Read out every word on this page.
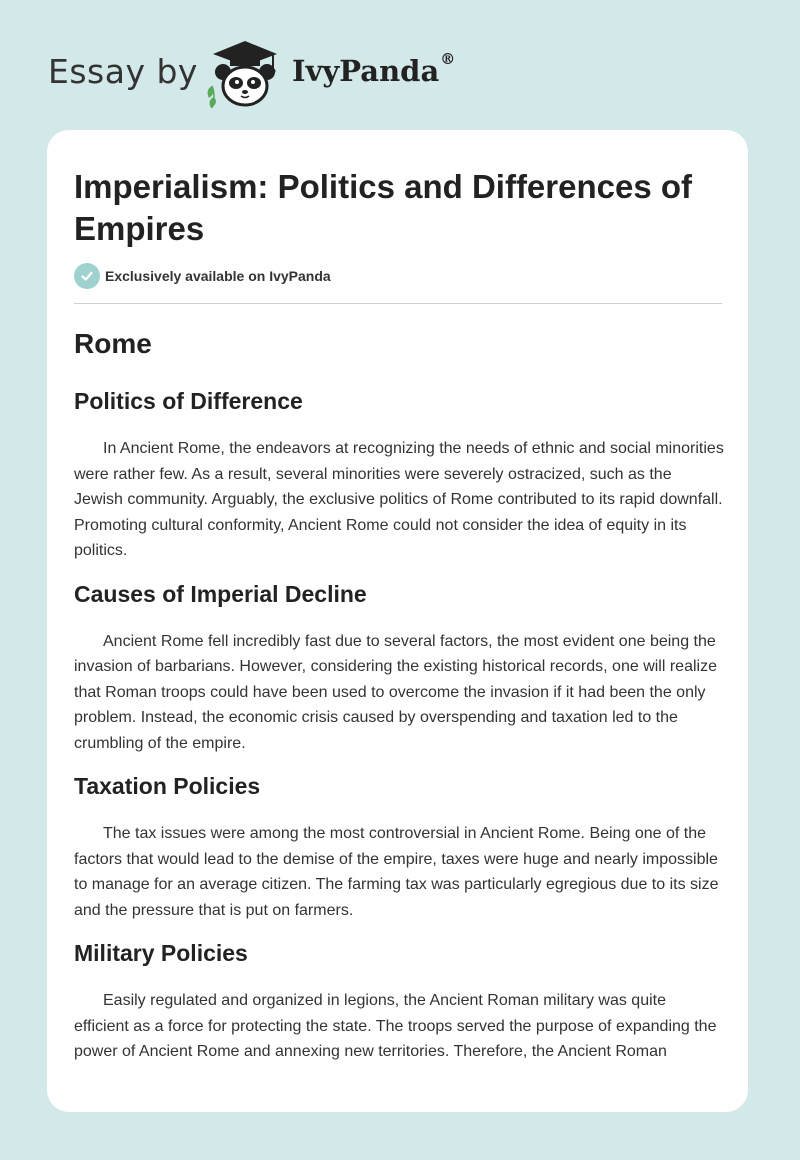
Essay by	IvyPanda®
Imperialism: Politics and Differences of Empires
Exclusively available on IvyPanda
Rome
Politics of Difference

In Ancient Rome, the endeavors at recognizing the needs of ethnic and social minorities were rather few. As a result, several minorities were severely ostracized, such as the Jewish community. Arguably, the exclusive politics of Rome contributed to its rapid downfall. Promoting cultural conformity, Ancient Rome could not consider the idea of equity in its politics.

Causes of Imperial Decline

Ancient Rome fell incredibly fast due to several factors, the most evident one being the invasion of barbarians. However, considering the existing historical records, one will realize that Roman troops could have been used to overcome the invasion if it had been the only problem. Instead, the economic crisis caused by overspending and taxation led to the crumbling of the empire.

Taxation Policies

The tax issues were among the most controversial in Ancient Rome. Being one of the factors that would lead to the demise of the empire, taxes were huge and nearly impossible to manage for an average citizen. The farming tax was particularly egregious due to its size and the pressure that is put on farmers.

Military Policies

Easily regulated and organized in legions, the Ancient Roman military was quite efficient as a force for protecting the state. The troops served the purpose of expanding the power of Ancient Rome and annexing new territories. Therefore, the Ancient Roman
